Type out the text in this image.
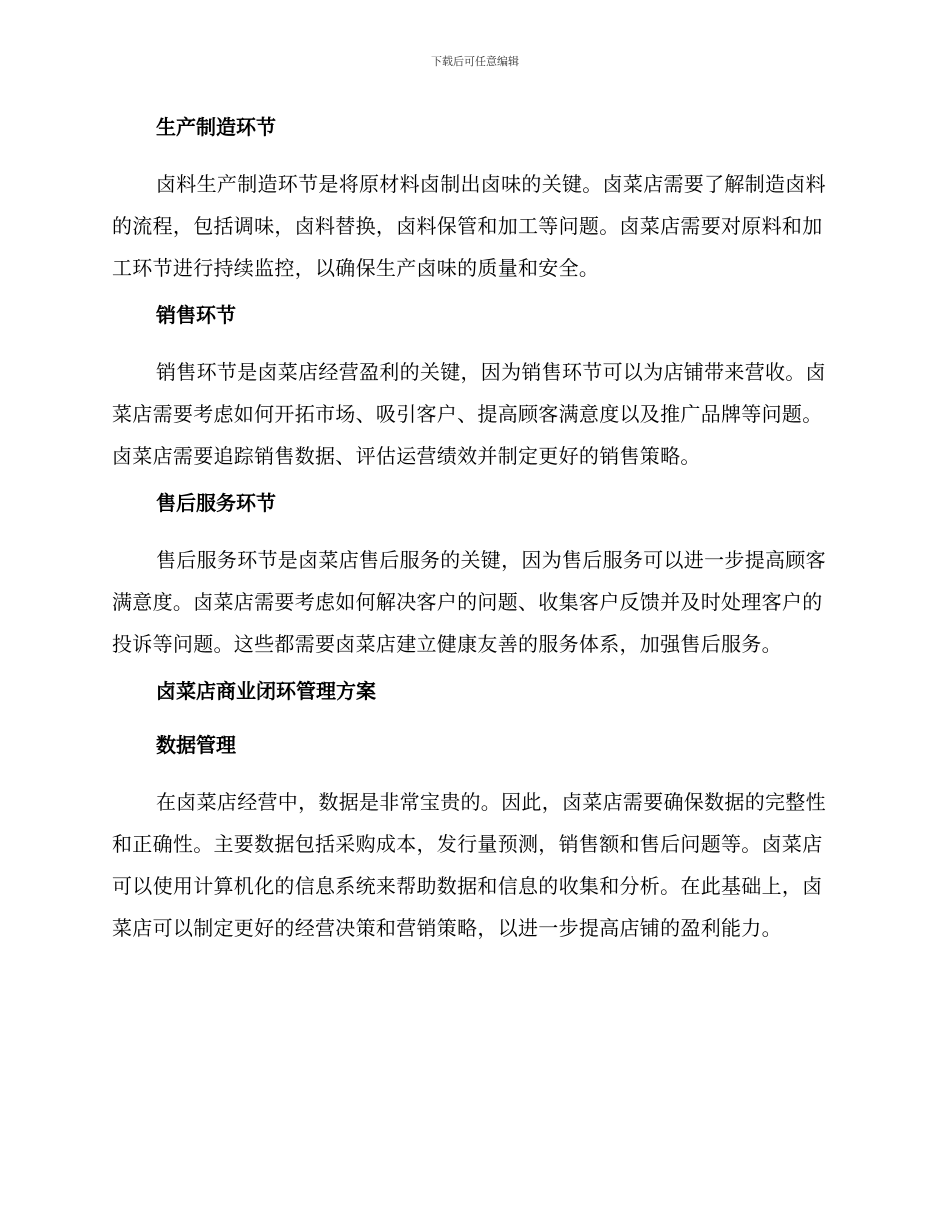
下载后可任意编辑
生产制造环节

卤料生产制造环节是将原材料卤制出卤味的关键。卤菜店需要了解制造卤料的流程，包括调味，卤料替换，卤料保管和加工等问题。卤菜店需要对原料和加工环节进行持续监控，以确保生产卤味的质量和安全。

销售环节

销售环节是卤菜店经营盈利的关键，因为销售环节可以为店铺带来营收。卤菜店需要考虑如何开拓市场、吸引客户、提高顾客满意度以及推广品牌等问题。 卤菜店需要追踪销售数据、评估运营绩效并制定更好的销售策略。

售后服务环节

售后服务环节是卤菜店售后服务的关键，因为售后服务可以进一步提高顾客满意度。卤菜店需要考虑如何解决客户的问题、收集客户反馈并及时处理客户的投诉等问题。这些都需要卤菜店建立健康友善的服务体系，加强售后服务。

卤菜店商业闭环管理方案
数据管理

在卤菜店经营中，数据是非常宝贵的。因此，卤菜店需要确保数据的完整性和正确性。主要数据包括采购成本，发行量预测，销售额和售后问题等。卤菜店可以使用计算机化的信息系统来帮助数据和信息的收集和分析。在此基础上，卤菜店可以制定更好的经营决策和营销策略，以进一步提高店铺的盈利能力。
